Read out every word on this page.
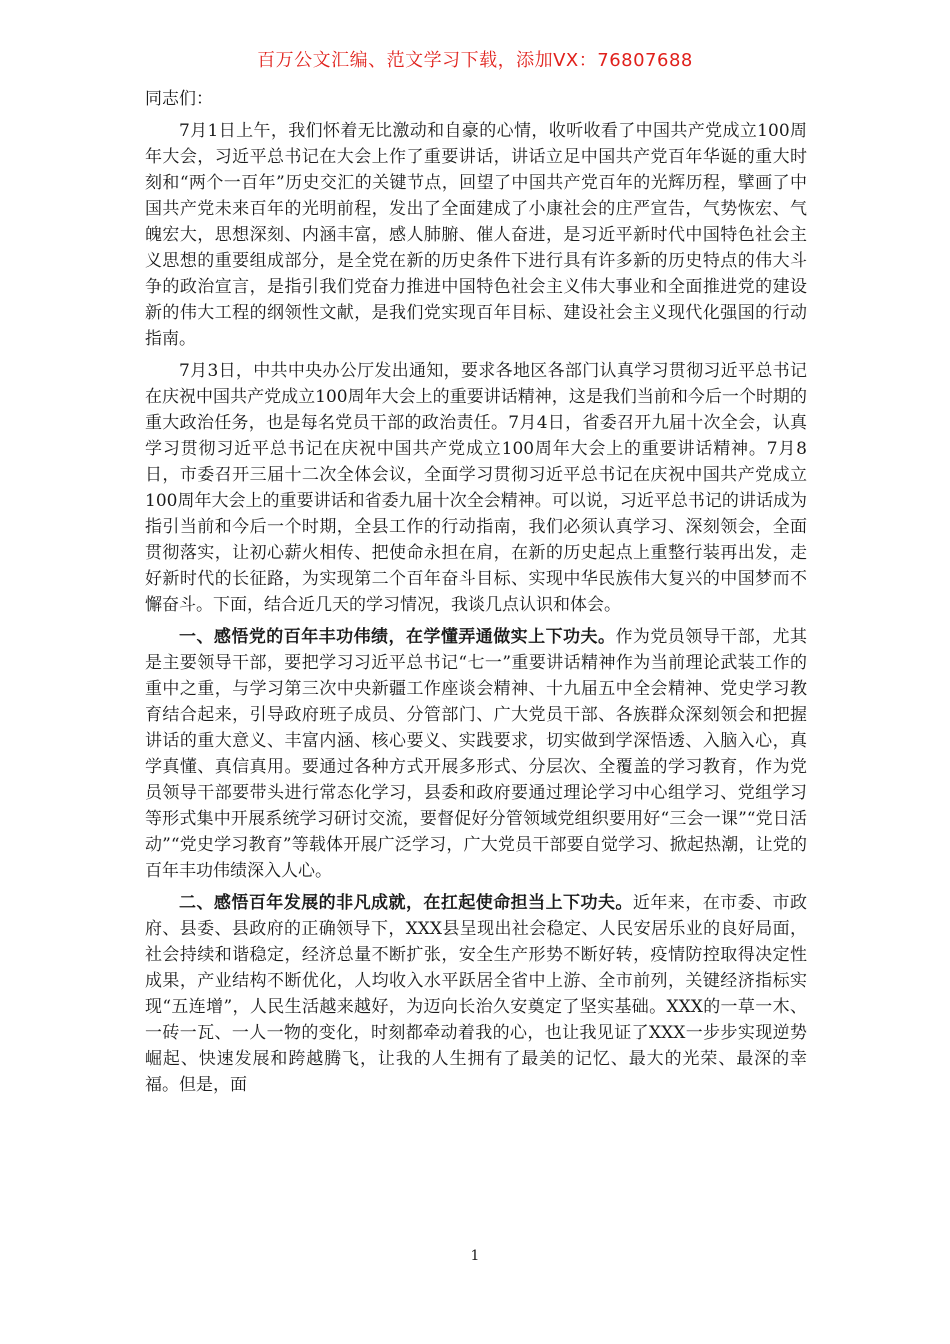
百万公文汇编、范文学习下载，添加VX：76807688

同志们：

7月1日上午，我们怀着无比激动和自豪的心情，收听收看了中国共产党成立100周年大会，习近平总书记在大会上作了重要讲话，讲话立足中国共产党百年华诞的重大时刻和“两个一百年”历史交汇的关键节点，回望了中国共产党百年的光辉历程，擘画了中国共产党未来百年的光明前程，发出了全面建成了小康社会的庄严宣告，气势恢宏、气魄宏大，思想深刻、内涵丰富，感人肺腑、催人奋进，是习近平新时代中国特色社会主义思想的重要组成部分，是全党在新的历史条件下进行具有许多新的历史特点的伟大斗争的政治宣言，是指引我们党奋力推进中国特色社会主义伟大事业和全面推进党的建设新的伟大工程的纲领性文献，是我们党实现百年目标、建设社会主义现代化强国的行动指南。

7月3日，中共中央办公厅发出通知，要求各地区各部门认真学习贯彻习近平总书记在庆祝中国共产党成立100周年大会上的重要讲话精神，这是我们当前和今后一个时期的重大政治任务，也是每名党员干部的政治责任。7月4日，省委召开九届十次全会，认真学习贯彻习近平总书记在庆祝中国共产党成立100周年大会上的重要讲话精神。7月8日，市委召开三届十二次全体会议，全面学习贯彻习近平总书记在庆祝中国共产党成立100周年大会上的重要讲话和省委九届十次全会精神。可以说，习近平总书记的讲话成为指引当前和今后一个时期，全县工作的行动指南，我们必须认真学习、深刻领会，全面贯彻落实，让初心薪火相传、把使命永担在肩，在新的历史起点上重整行装再出发，走好新时代的长征路，为实现第二个百年奋斗目标、实现中华民族伟大复兴的中国梦而不懈奋斗。下面，结合近几天的学习情况，我谈几点认识和体会。

一、感悟党的百年丰功伟绩，在学懂弄通做实上下功夫。作为党员领导干部，尤其是主要领导干部，要把学习习近平总书记“七一”重要讲话精神作为当前理论武装工作的重中之重，与学习第三次中央新疆工作座谈会精神、十九届五中全会精神、党史学习教育结合起来，引导政府班子成员、分管部门、广大党员干部、各族群众深刻领会和把握讲话的重大意义、丰富内涵、核心要义、实践要求，切实做到学深悟透、入脑入心，真学真懂、真信真用。要通过各种方式开展多形式、分层次、全覆盖的学习教育，作为党员领导干部要带头进行常态化学习，县委和政府要通过理论学习中心组学习、党组学习等形式集中开展系统学习研讨交流，要督促好分管领域党组织要用好“三会一课”“党日活动”“党史学习教育”等载体开展广泛学习，广大党员干部要自觉学习、掀起热潮，让党的百年丰功伟绩深入人心。

二、感悟百年发展的非凡成就，在扛起使命担当上下功夫。近年来，在市委、市政府、县委、县政府的正确领导下，XXX县呈现出社会稳定、人民安居乐业的良好局面，社会持续和谐稳定，经济总量不断扩张，安全生产形势不断好转，疫情防控取得决定性成果，产业结构不断优化，人均收入水平跃居全省中上游、全市前列，关键经济指标实现“五连增”，人民生活越来越好，为迈向长治久安奠定了坚实基础。XXX的一草一木、一砖一瓦、一人一物的变化，时刻都牵动着我的心，也让我见证了XXX一步步实现逆势崛起、快速发展和跨越腾飞，让我的人生拥有了最美的记忆、最大的光荣、最深的幸福。但是，面

1
